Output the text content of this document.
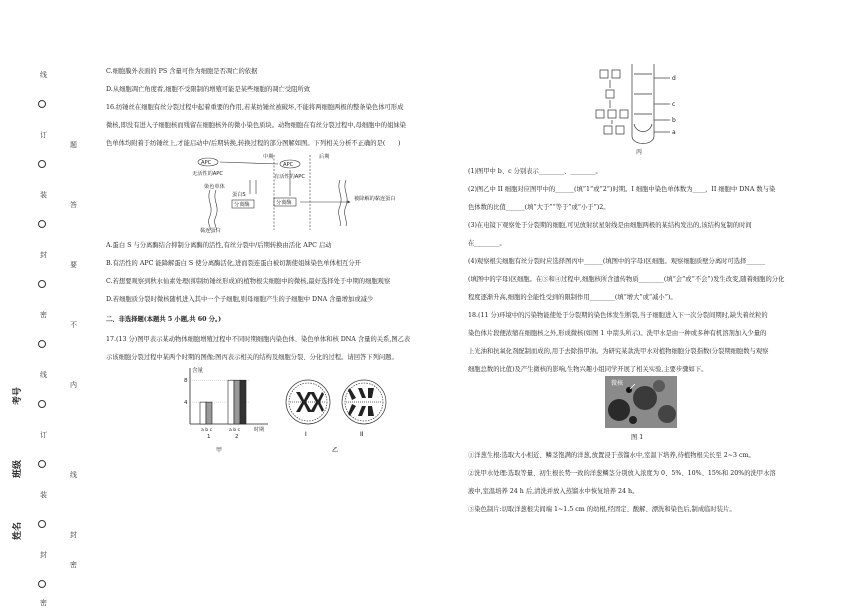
考号
班级
姓名
线
订
装
封
密
线
订
装
封
密
题
答
要
不
内
线
封
密
C.细胞膜外表面的 PS 含量可作为细胞是否凋亡的依据
D.从细胞凋亡角度看,细胞不受限制的增殖可能是某些细胞的凋亡受阻所致
16.纺锤丝在细胞有丝分裂过程中起着重要的作用,若某纺锤丝被破坏,不能将两细胞两极的整条染色体可形成
微核,即没有进入子细胞核而残留在细胞核外的微小染色质块。动物细胞在有丝分裂过程中,母细胞中的姐妹染
色单体均附着于纺锤丝上,才能启动中/后期转换,转换过程的部分图解如图。下列相关分析不正确的是(　　)
中期	后期
APC
无活性的APC
APC
有活性的APC
染色单体
蛋白S
分离酶	分离酶
黏连蛋白
被降解的黏连蛋白
A.蛋白 S 与分离酶结合抑制分离酶的活性,有丝分裂中/后期转换由活化 APC 启动
B.有活性的 APC 能降解蛋白 S 使分离酶活化,进而裂连蛋白被切割使姐妹染色单体相互分开
C.若想要观察到秋水仙素处理(抑制纺锤丝形成)的植物根尖细胞中的微核,最好选择处于中期的细胞观察
D.若细胞质分裂时微核随机进入其中一个子细胞,则母细胞产生的子细胞中 DNA 含量增加或减少
二、非选择题(本题共 5 小题,共 60 分。)
17.(13 分)图甲表示某动物体细胞增殖过程中不同时期细胞内染色体、染色单体和核 DNA 含量的关系,图乙表
示该细胞分裂过程中某两个时期的图像;图丙表示相关的结构及细胞分裂、分化的过程。请回答下列问题。
4
8
含量
a b c
1
a b c
2
时期
甲
I	II
乙
d
c
b
a
丙
(1)图甲中 b、c 分别表示________、________。
(2)图乙中 II 细胞对应图甲中的______(填“1”或“2”)时期。I 细胞中染色单体数为____，II 细胞中 DNA 数与染
色体数的比值______(填“大于”“等于”或“小于”)2。
(3)在电镜下观察处于分裂期的细胞,可见放射状星射线是由细胞两极的某结构发出的,该结构复制的时间
在________。
(4)观察根尖细胞有丝分裂时应选择图丙中______(填图中的字母)区细胞。观察细胞质壁分离时可选择______
(填图中的字母)区细胞。在③和④过程中,细胞核所含遗传物质________(填“会”或“不会”)发生改变,随着细胞的分化
程度逐渐升高,细胞的全能性受到的限制作用________(填“增大”或“减小”)。
18.(11 分)环境中的污染物能使处于分裂期的染色体发生断裂,当子细胞进入下一次分裂间期时,缺失着丝粒的
染色体片段便浓缩在细胞核之外,形成微核(如图 1 中箭头所示)。洗甲水是由一种或多种有机溶剂加入少量的
上光油和抗氧化剂配制而成的,用于去除指甲油。为研究某款洗甲水对植物细胞分裂指数(分裂期细胞数与观察
细胞总数的比值)及产生微核的影响,生物兴趣小组同学开展了相关实验,主要步骤如下。
微核
图 1
①洋葱生根:选取大小相近、鳞茎饱满的洋葱,放置浸于蒸馏水中,室温下培养,待植物根尖长至 2~3 cm。
②洗甲水处理:选取等量、初生根长势一致的洋葱鳞茎分别放入浓度为 0、5%、10%、15%和 20%的洗甲水溶
液中,室温培养 24 h 后,清洗并放入蒸馏水中恢复培养 24 h。
③染色制片:切取洋葱根尖间端 1~1.5 cm 的幼根,经固定、酸解、漂洗和染色后,制成临时装片。
